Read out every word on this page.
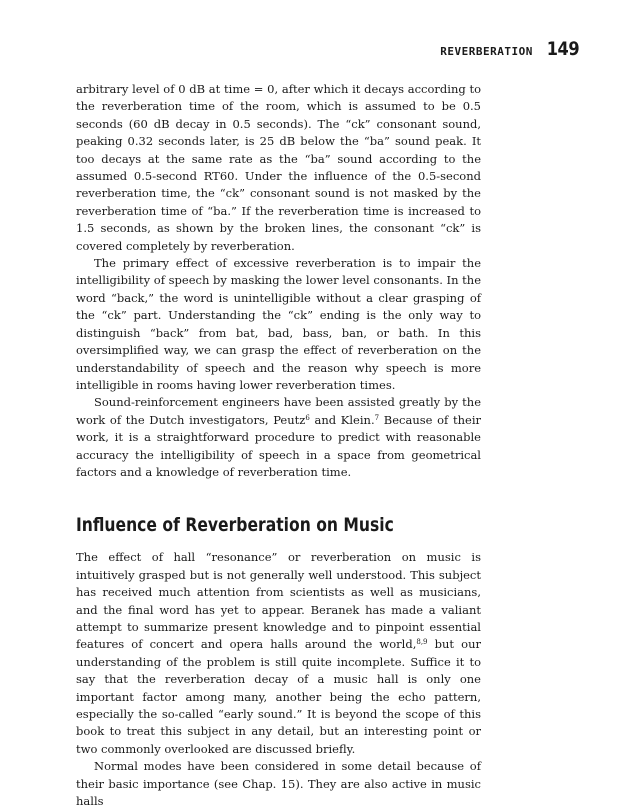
REVERBERATION 149

arbitrary level of 0 dB at time = 0, after which it decays according to the reverberation time of the room, which is assumed to be 0.5 seconds (60 dB decay in 0.5 seconds). The “ck” consonant sound, peaking 0.32 seconds later, is 25 dB below the “ba” sound peak. It too decays at the same rate as the “ba” sound according to the assumed 0.5-second RT60. Under the influence of the 0.5-second reverberation time, the “ck” consonant sound is not masked by the reverberation time of “ba.” If the reverberation time is increased to 1.5 seconds, as shown by the broken lines, the consonant “ck” is covered completely by reverberation.

The primary effect of excessive reverberation is to impair the intelligibility of speech by masking the lower level consonants. In the word “back,” the word is unintelligible without a clear grasping of the “ck” part. Understanding the “ck” ending is the only way to distinguish “back” from bat, bad, bass, ban, or bath. In this oversimplified way, we can grasp the effect of reverberation on the understandability of speech and the reason why speech is more intelligible in rooms having lower reverberation times.

Sound-reinforcement engineers have been assisted greatly by the work of the Dutch investigators, Peutz$^6$ and Klein.$^7$ Because of their work, it is a straightforward procedure to predict with reasonable accuracy the intelligibility of speech in a space from geometrical factors and a knowledge of reverberation time.

Influence of Reverberation on Music

The effect of hall “resonance” or reverberation on music is intuitively grasped but is not generally well understood. This subject has received much attention from scientists as well as musicians, and the final word has yet to appear. Beranek has made a valiant attempt to summarize present knowledge and to pinpoint essential features of concert and opera halls around the world,$^{8,9}$ but our understanding of the problem is still quite incomplete. Suffice it to say that the reverberation decay of a music hall is only one important factor among many, another being the echo pattern, especially the so-called “early sound.” It is beyond the scope of this book to treat this subject in any detail, but an interesting point or two commonly overlooked are discussed briefly.

Normal modes have been considered in some detail because of their basic importance (see Chap. 15). They are also active in music halls
